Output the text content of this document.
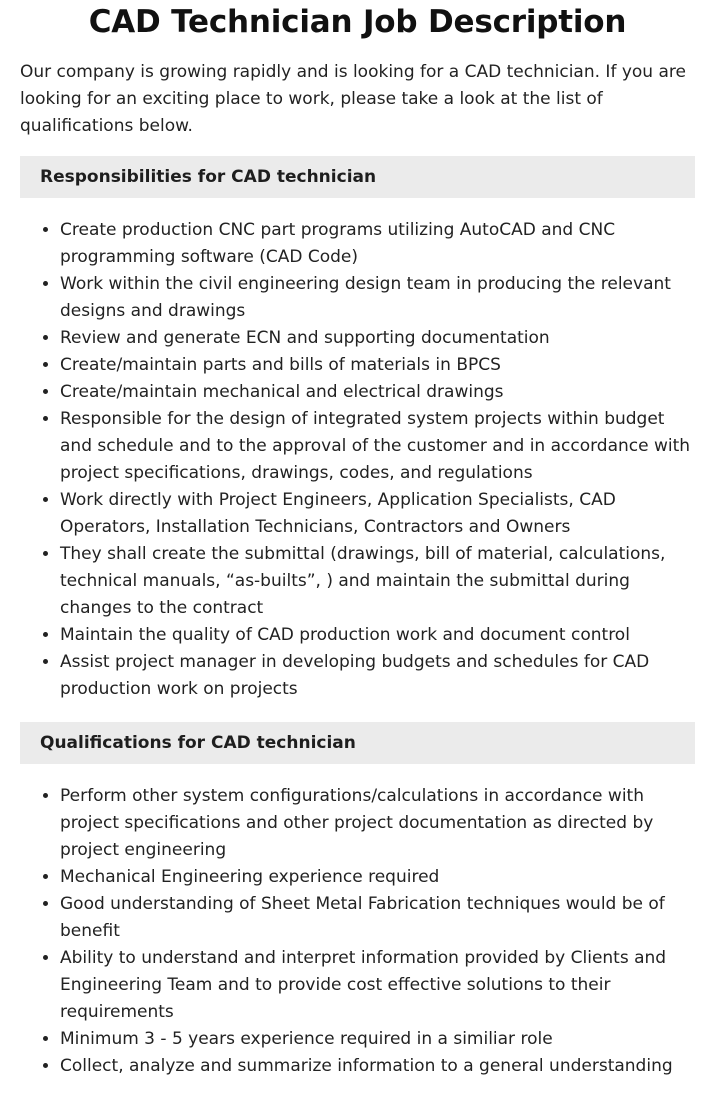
CAD Technician Job Description

Our company is growing rapidly and is looking for a CAD technician. If you are looking for an exciting place to work, please take a look at the list of qualifications below.

Responsibilities for CAD technician
• Create production CNC part programs utilizing AutoCAD and CNC programming software (CAD Code)
• Work within the civil engineering design team in producing the relevant designs and drawings
• Review and generate ECN and supporting documentation
• Create/maintain parts and bills of materials in BPCS
• Create/maintain mechanical and electrical drawings
• Responsible for the design of integrated system projects within budget and schedule and to the approval of the customer and in accordance with project specifications, drawings, codes, and regulations
• Work directly with Project Engineers, Application Specialists, CAD Operators, Installation Technicians, Contractors and Owners
• They shall create the submittal (drawings, bill of material, calculations, technical manuals, “as-builts”, ) and maintain the submittal during changes to the contract
• Maintain the quality of CAD production work and document control
• Assist project manager in developing budgets and schedules for CAD production work on projects
Qualifications for CAD technician
• Perform other system configurations/calculations in accordance with project specifications and other project documentation as directed by project engineering
• Mechanical Engineering experience required
• Good understanding of Sheet Metal Fabrication techniques would be of benefit
• Ability to understand and interpret information provided by Clients and Engineering Team and to provide cost effective solutions to their requirements
• Minimum 3 - 5 years experience required in a similiar role
• Collect, analyze and summarize information to a general understanding
